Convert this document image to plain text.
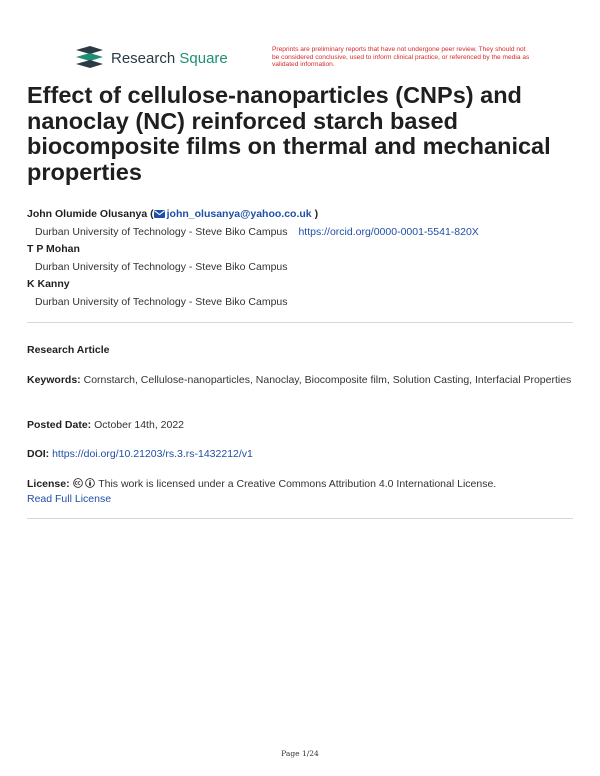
Research Square	Preprints are preliminary reports that have not undergone peer review. They should not be considered conclusive, used to inform clinical practice, or referenced by the media as validated information.
Effect of cellulose-nanoparticles (CNPs) and nanoclay (NC) reinforced starch based biocomposite films on thermal and mechanical properties
John Olumide Olusanya ( john_olusanya@yahoo.co.uk )
Durban University of Technology - Steve Biko Campus https://orcid.org/0000-0001-5541-820X
T P Mohan
Durban University of Technology - Steve Biko Campus
K Kanny
Durban University of Technology - Steve Biko Campus
Research Article
Keywords: Cornstarch, Cellulose-nanoparticles, Nanoclay, Biocomposite film, Solution Casting, Interfacial Properties
Posted Date: October 14th, 2022
DOI: https://doi.org/10.21203/rs.3.rs-1432212/v1
License:	This work is licensed under a Creative Commons Attribution 4.0 International License.
Read Full License
Page 1/24
